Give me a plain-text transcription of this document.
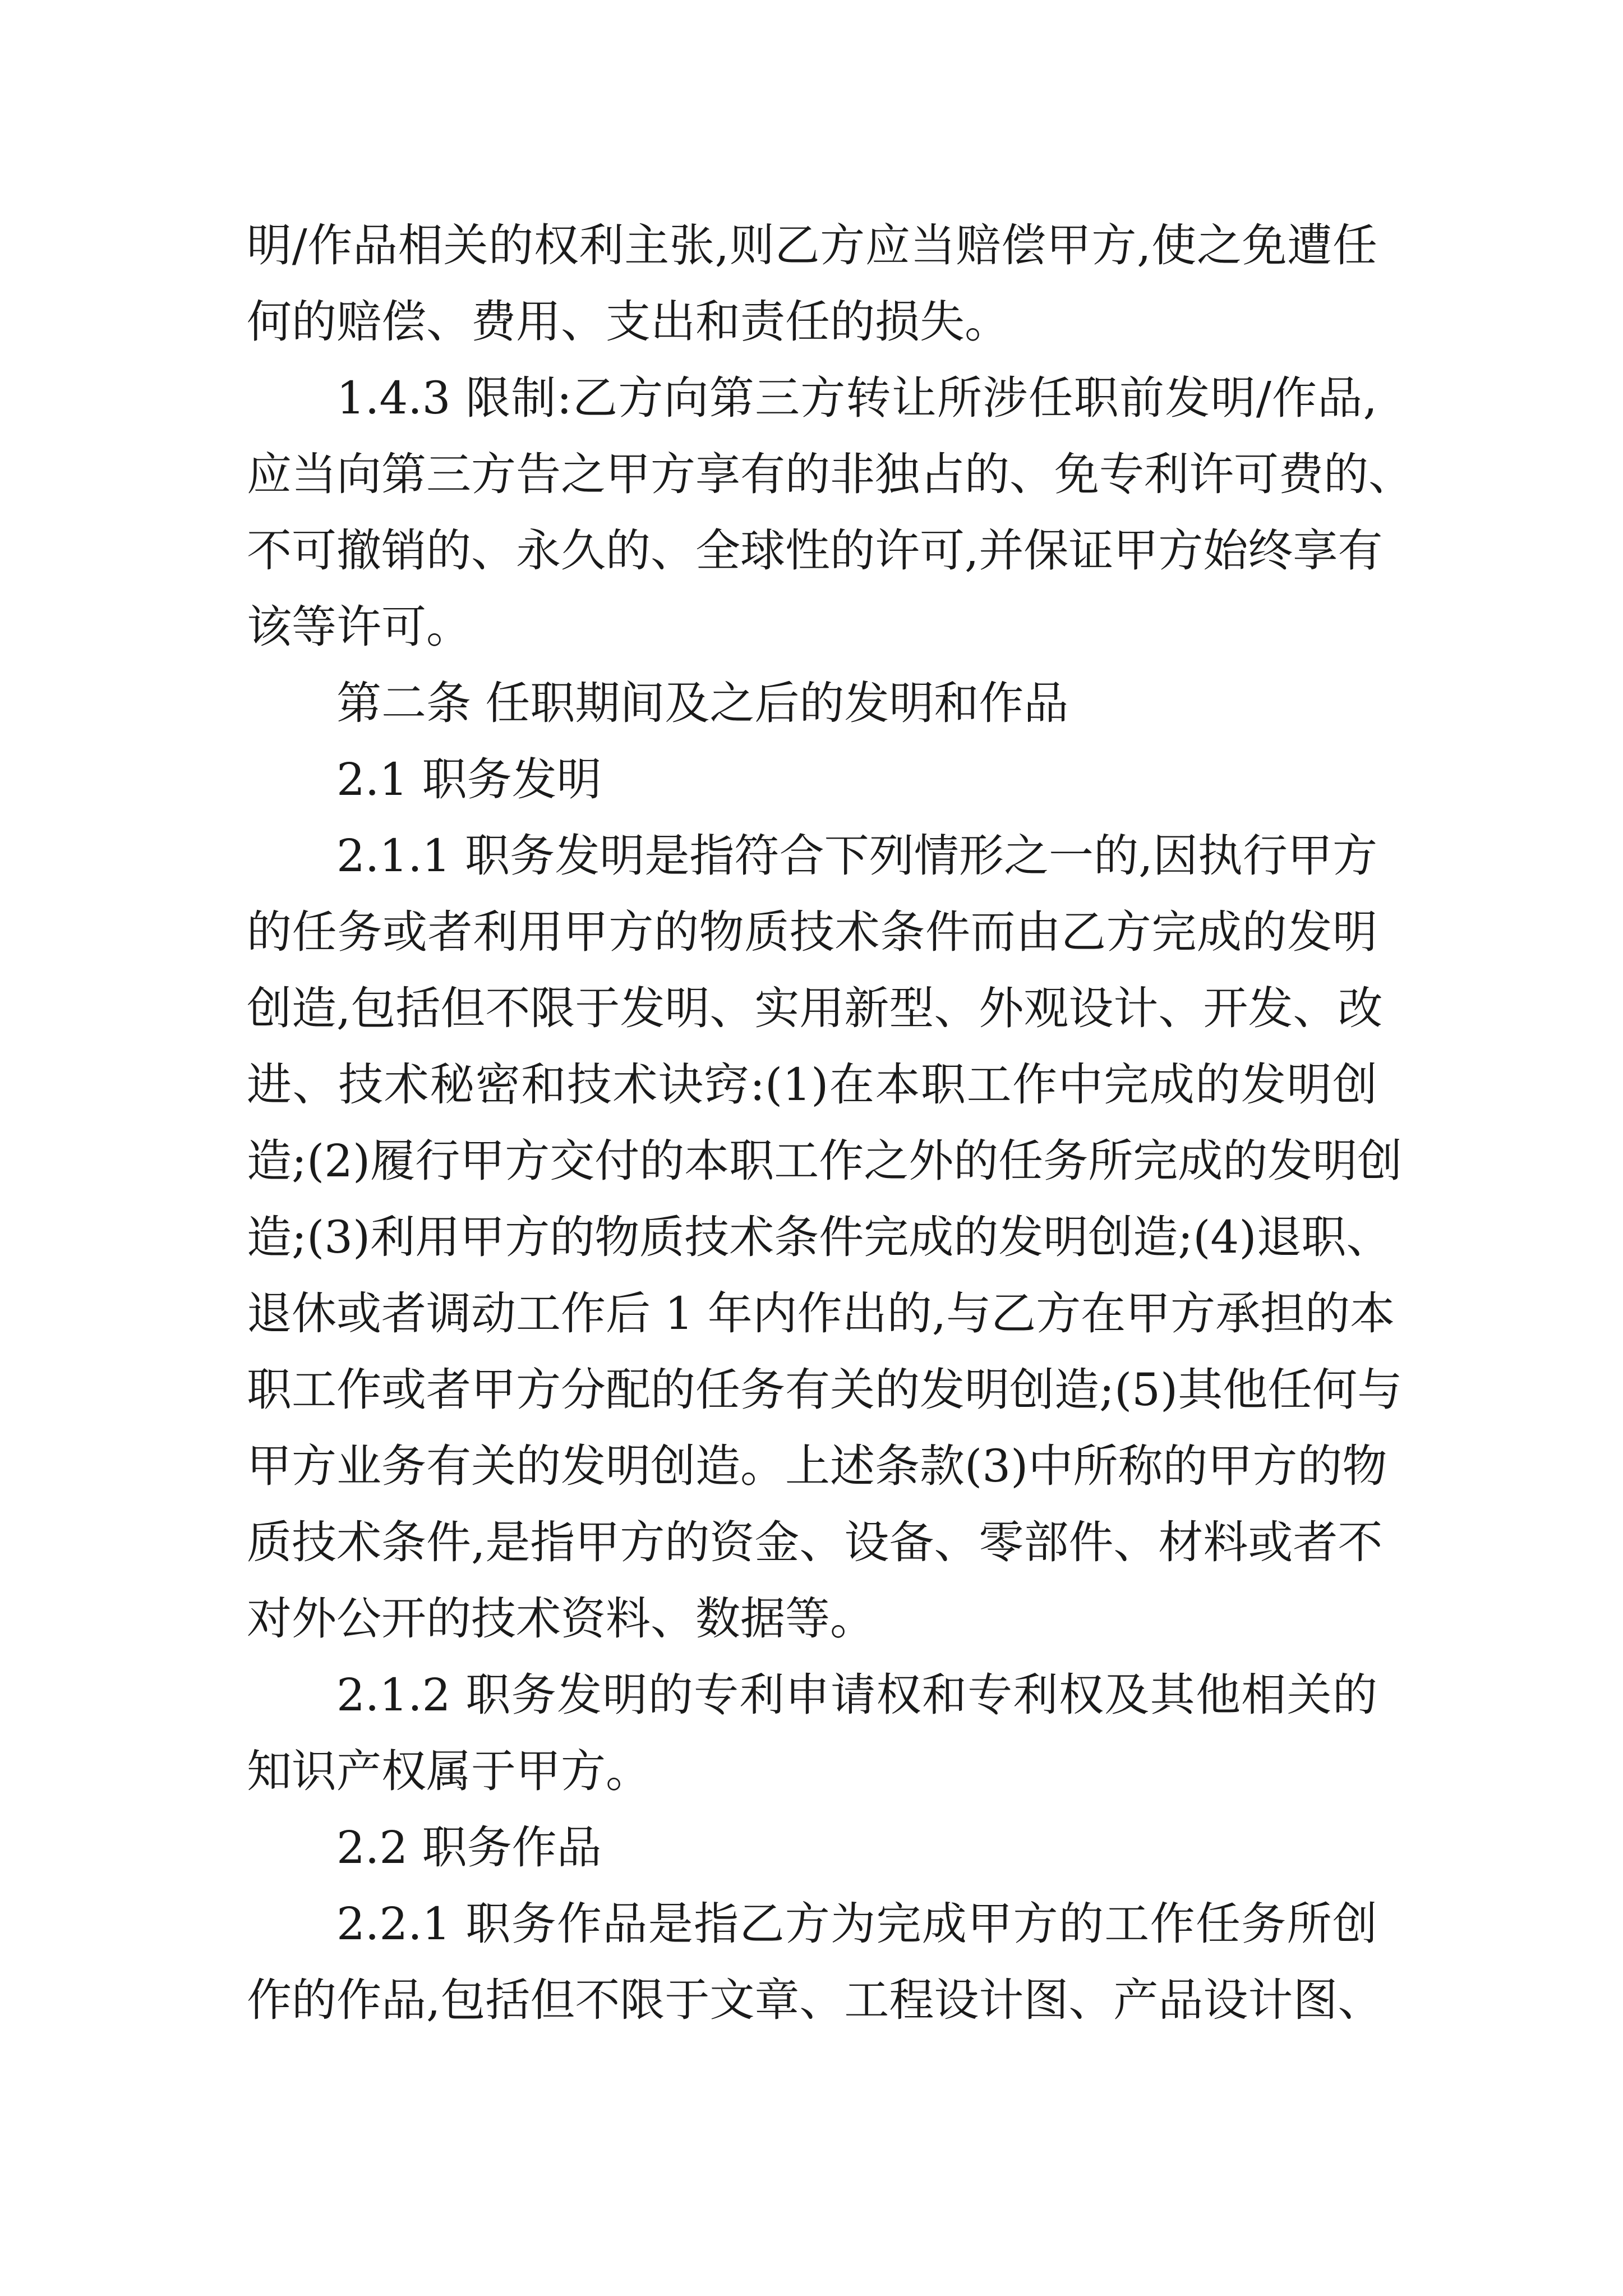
明/作品相关的权利主张,则乙方应当赔偿甲方,使之免遭任
何的赔偿、费用、支出和责任的损失。
1.4.3 限制:乙方向第三方转让所涉任职前发明/作品,
应当向第三方告之甲方享有的非独占的、免专利许可费的、
不可撤销的、永久的、全球性的许可,并保证甲方始终享有
该等许可。
第二条 任职期间及之后的发明和作品
2.1 职务发明
2.1.1 职务发明是指符合下列情形之一的,因执行甲方
的任务或者利用甲方的物质技术条件而由乙方完成的发明
创造,包括但不限于发明、实用新型、外观设计、开发、改
进、技术秘密和技术诀窍:(1)在本职工作中完成的发明创
造;(2)履行甲方交付的本职工作之外的任务所完成的发明创
造;(3)利用甲方的物质技术条件完成的发明创造;(4)退职、
退休或者调动工作后 1 年内作出的,与乙方在甲方承担的本
职工作或者甲方分配的任务有关的发明创造;(5)其他任何与
甲方业务有关的发明创造。上述条款(3)中所称的甲方的物
质技术条件,是指甲方的资金、设备、零部件、材料或者不
对外公开的技术资料、数据等。
2.1.2 职务发明的专利申请权和专利权及其他相关的
知识产权属于甲方。
2.2 职务作品
2.2.1 职务作品是指乙方为完成甲方的工作任务所创
作的作品,包括但不限于文章、工程设计图、产品设计图、
